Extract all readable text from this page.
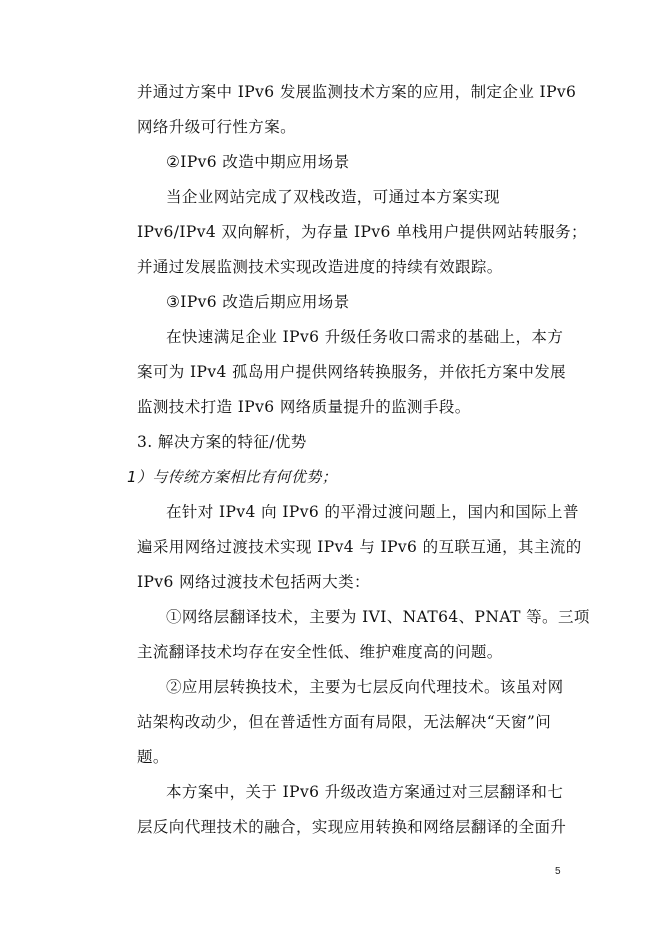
并通过方案中 IPv6 发展监测技术方案的应用，制定企业 IPv6
网络升级可行性方案。
②IPv6 改造中期应用场景
当企业网站完成了双栈改造，可通过本方案实现
IPv6/IPv4 双向解析，为存量 IPv6 单栈用户提供网站转服务；
并通过发展监测技术实现改造进度的持续有效跟踪。
③IPv6 改造后期应用场景
在快速满足企业 IPv6 升级任务收口需求的基础上，本方
案可为 IPv4 孤岛用户提供网络转换服务，并依托方案中发展
监测技术打造 IPv6 网络质量提升的监测手段。
3. 解决方案的特征/优势
1）与传统方案相比有何优势；
在针对 IPv4 向 IPv6 的平滑过渡问题上，国内和国际上普
遍采用网络过渡技术实现 IPv4 与 IPv6 的互联互通，其主流的
IPv6 网络过渡技术包括两大类：
①网络层翻译技术，主要为 IVI、NAT64、PNAT 等。三项
主流翻译技术均存在安全性低、维护难度高的问题。
②应用层转换技术，主要为七层反向代理技术。该虽对网
站架构改动少，但在普适性方面有局限，无法解决“天窗”问
题。
本方案中，关于 IPv6 升级改造方案通过对三层翻译和七
层反向代理技术的融合，实现应用转换和网络层翻译的全面升
5
